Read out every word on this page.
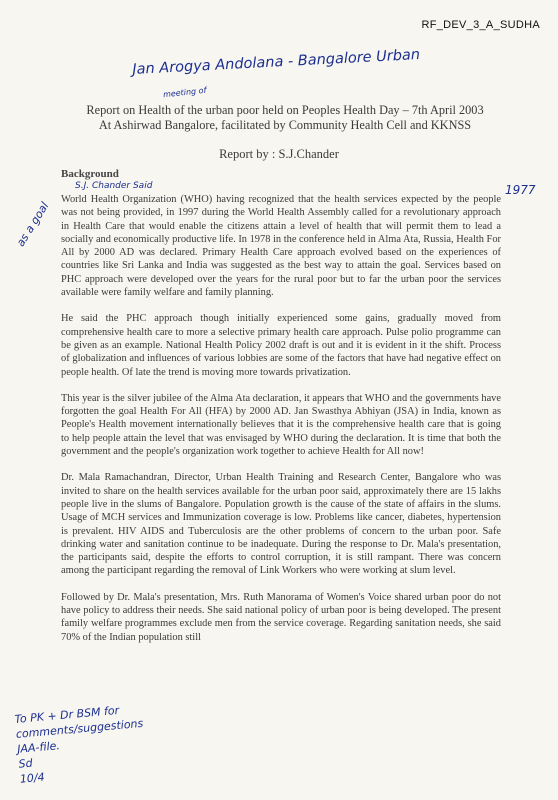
RF_DEV_3_A_SUDHA
Jan Arogya Andolana - Bangalore Urban
meeting of
Report on Health of the urban poor held on Peoples Health Day – 7th April 2003
At Ashirwad Bangalore, facilitated by Community Health Cell and KKNSS
Report by : S.J.Chander
Background
S.J. Chander Said

World Health Organization (WHO) having recognized that the health services expected by the people was not being provided, in 1997 during the World Health Assembly called for a revolutionary approach in Health Care that would enable the citizens attain a level of health that will permit them to lead a socially and economically productive life. In 1978 in the conference held in Alma Ata, Russia, Health For All by 2000 AD was declared. Primary Health Care approach evolved based on the experiences of countries like Sri Lanka and India was suggested as the best way to attain the goal. Services based on PHC approach were developed over the years for the rural poor but to far the urban poor the services available were family welfare and family planning.

He said the PHC approach though initially experienced some gains, gradually moved from comprehensive health care to more a selective primary health care approach. Pulse polio programme can be given as an example. National Health Policy 2002 draft is out and it is evident in it the shift. Process of globalization and influences of various lobbies are some of the factors that have had negative effect on people health. Of late the trend is moving more towards privatization.

This year is the silver jubilee of the Alma Ata declaration, it appears that WHO and the governments have forgotten the goal Health For All (HFA) by 2000 AD. Jan Swasthya Abhiyan (JSA) in India, known as People's Health movement internationally believes that it is the comprehensive health care that is going to help people attain the level that was envisaged by WHO during the declaration. It is time that both the government and the people's organization work together to achieve Health for All now!

Dr. Mala Ramachandran, Director, Urban Health Training and Research Center, Bangalore who was invited to share on the health services available for the urban poor said, approximately there are 15 lakhs people live in the slums of Bangalore. Population growth is the cause of the state of affairs in the slums. Usage of MCH services and Immunization coverage is low. Problems like cancer, diabetes, hypertension is prevalent. HIV AIDS and Tuberculosis are the other problems of concern to the urban poor. Safe drinking water and sanitation continue to be inadequate. During the response to Dr. Mala's presentation, the participants said, despite the efforts to control corruption, it is still rampant. There was concern among the participant regarding the removal of Link Workers who were working at slum level.

Followed by Dr. Mala's presentation, Mrs. Ruth Manorama of Women's Voice shared urban poor do not have policy to address their needs. She said national policy of urban poor is being developed. The present family welfare programmes exclude men from the service coverage. Regarding sanitation needs, she said 70% of the Indian population still

1977
as a goal
To PK + Dr BSM for comments/suggestions
JAA-file.
Sd
10/4
